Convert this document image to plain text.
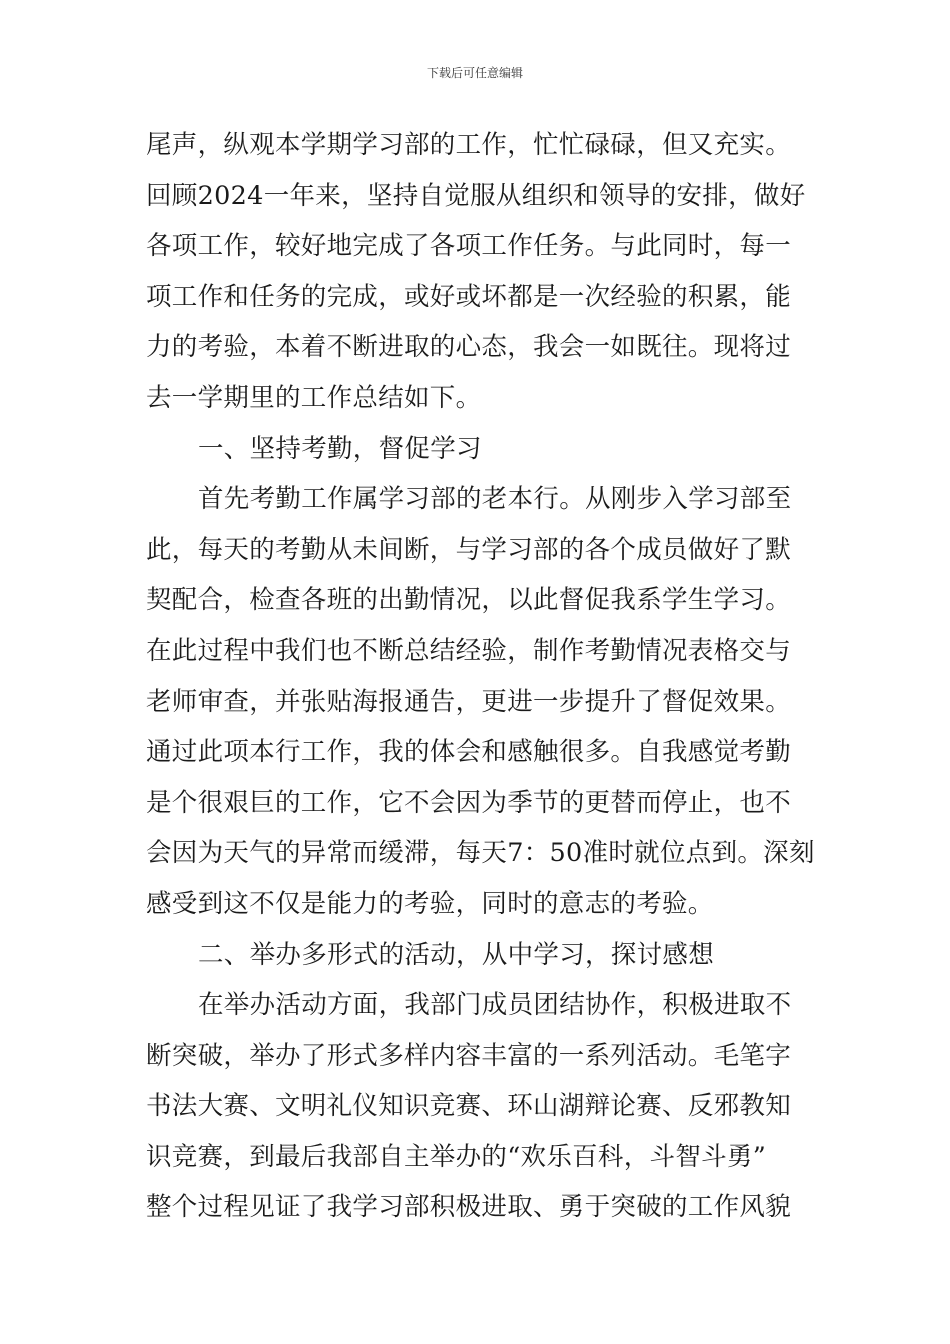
下载后可任意编辑
尾声，纵观本学期学习部的工作，忙忙碌碌，但又充实。
回顾2024一年来，坚持自觉服从组织和领导的安排，做好
各项工作，较好地完成了各项工作任务。与此同时，每一
项工作和任务的完成，或好或坏都是一次经验的积累，能
力的考验，本着不断进取的心态，我会一如既往。现将过
去一学期里的工作总结如下。
一、坚持考勤，督促学习
首先考勤工作属学习部的老本行。从刚步入学习部至
此，每天的考勤从未间断，与学习部的各个成员做好了默
契配合，检查各班的出勤情况，以此督促我系学生学习。
在此过程中我们也不断总结经验，制作考勤情况表格交与
老师审查，并张贴海报通告，更进一步提升了督促效果。
通过此项本行工作，我的体会和感触很多。自我感觉考勤
是个很艰巨的工作，它不会因为季节的更替而停止，也不
会因为天气的异常而缓滞，每天7：50准时就位点到。深刻
感受到这不仅是能力的考验，同时的意志的考验。
二、举办多形式的活动，从中学习，探讨感想
在举办活动方面，我部门成员团结协作，积极进取不
断突破，举办了形式多样内容丰富的一系列活动。毛笔字
书法大赛、文明礼仪知识竞赛、环山湖辩论赛、反邪教知
识竞赛，到最后我部自主举办的“欢乐百科，斗智斗勇”
整个过程见证了我学习部积极进取、勇于突破的工作风貌
